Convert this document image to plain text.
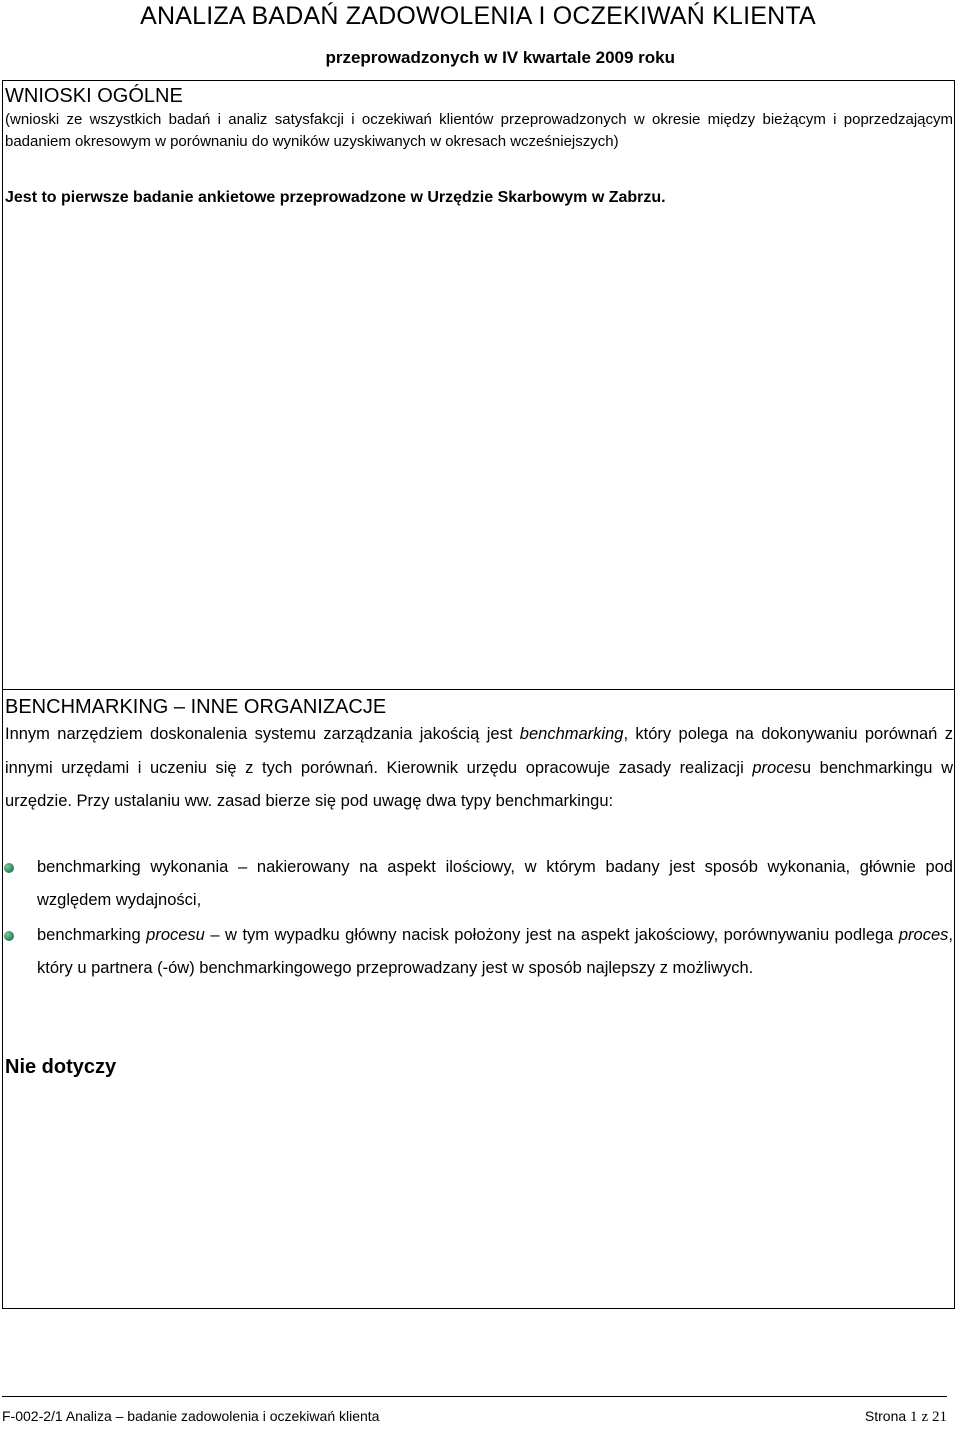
ANALIZA BADAŃ ZADOWOLENIA I OCZEKIWAŃ KLIENTA
przeprowadzonych w IV kwartale 2009 roku
WNIOSKI OGÓLNE
(wnioski ze wszystkich badań i analiz satysfakcji i oczekiwań klientów przeprowadzonych w okresie między bieżącym i poprzedzającym badaniem okresowym w porównaniu do wyników uzyskiwanych w okresach wcześniejszych)
Jest to pierwsze badanie ankietowe przeprowadzone w Urzędzie Skarbowym w Zabrzu.
BENCHMARKING – INNE ORGANIZACJE
Innym narzędziem doskonalenia systemu zarządzania jakością jest benchmarking, który polega na dokonywaniu porównań z innymi urzędami i uczeniu się z tych porównań. Kierownik urzędu opracowuje zasady realizacji procesu benchmarkingu w urzędzie. Przy ustalaniu ww. zasad bierze się pod uwagę dwa typy benchmarkingu:
benchmarking wykonania – nakierowany na aspekt ilościowy, w którym badany jest sposób wykonania, głównie pod względem wydajności,
benchmarking procesu – w tym wypadku główny nacisk położony jest na aspekt jakościowy, porównywaniu podlega proces, który u partnera (-ów) benchmarkingowego przeprowadzany jest w sposób najlepszy z możliwych.
Nie dotyczy
F-002-2/1 Analiza – badanie zadowolenia i oczekiwań klienta	Strona 1 z 21
